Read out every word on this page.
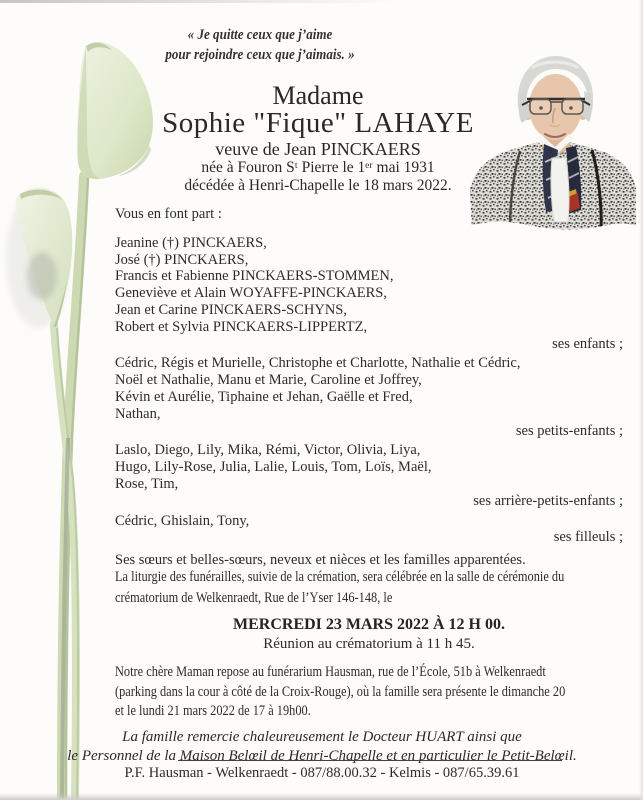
« Je quitte ceux que j’aime
pour rejoindre ceux que j’aimais. »
Madame
Sophie "Fique" LAHAYE
veuve de Jean PINCKAERS
née à Fouron Sᵗ Pierre le 1ᵉʳ mai 1931
décédée à Henri-Chapelle le 18 mars 2022.
Vous en font part :
Jeanine (†) PINCKAERS,
José (†) PINCKAERS,
Francis et Fabienne PINCKAERS-STOMMEN,
Geneviève et Alain WOYAFFE-PINCKAERS,
Jean et Carine PINCKAERS-SCHYNS,
Robert et Sylvia PINCKAERS-LIPPERTZ,
ses enfants ;
Cédric, Régis et Murielle, Christophe et Charlotte, Nathalie et Cédric,
Noël et Nathalie, Manu et Marie, Caroline et Joffrey,
Kévin et Aurélie, Tiphaine et Jehan, Gaëlle et Fred,
Nathan,
ses petits-enfants ;
Laslo, Diego, Lily, Mika, Rémi, Victor, Olivia, Liya,
Hugo, Lily-Rose, Julia, Lalie, Louis, Tom, Loïs, Maël,
Rose, Tim,
ses arrière-petits-enfants ;
Cédric, Ghislain, Tony,
ses filleuls ;
Ses sœurs et belles-sœurs, neveux et nièces et les familles apparentées.
La liturgie des funérailles, suivie de la crémation, sera célébrée en la salle de cérémonie du
crématorium de Welkenraedt, Rue de l’Yser 146-148, le
MERCREDI 23 MARS 2022 À 12 H 00.
Réunion au crématorium à 11 h 45.
Notre chère Maman repose au funérarium Hausman, rue de l’École, 51b à Welkenraedt
(parking dans la cour à côté de la Croix-Rouge), où la famille sera présente le dimanche 20
et le lundi 21 mars 2022 de 17 à 19h00.
La famille remercie chaleureusement le Docteur HUART ainsi que
le Personnel de la Maison Belœil de Henri-Chapelle et en particulier le Petit-Belœil.
P.F. Hausman - Welkenraedt - 087/88.00.32 - Kelmis - 087/65.39.61
